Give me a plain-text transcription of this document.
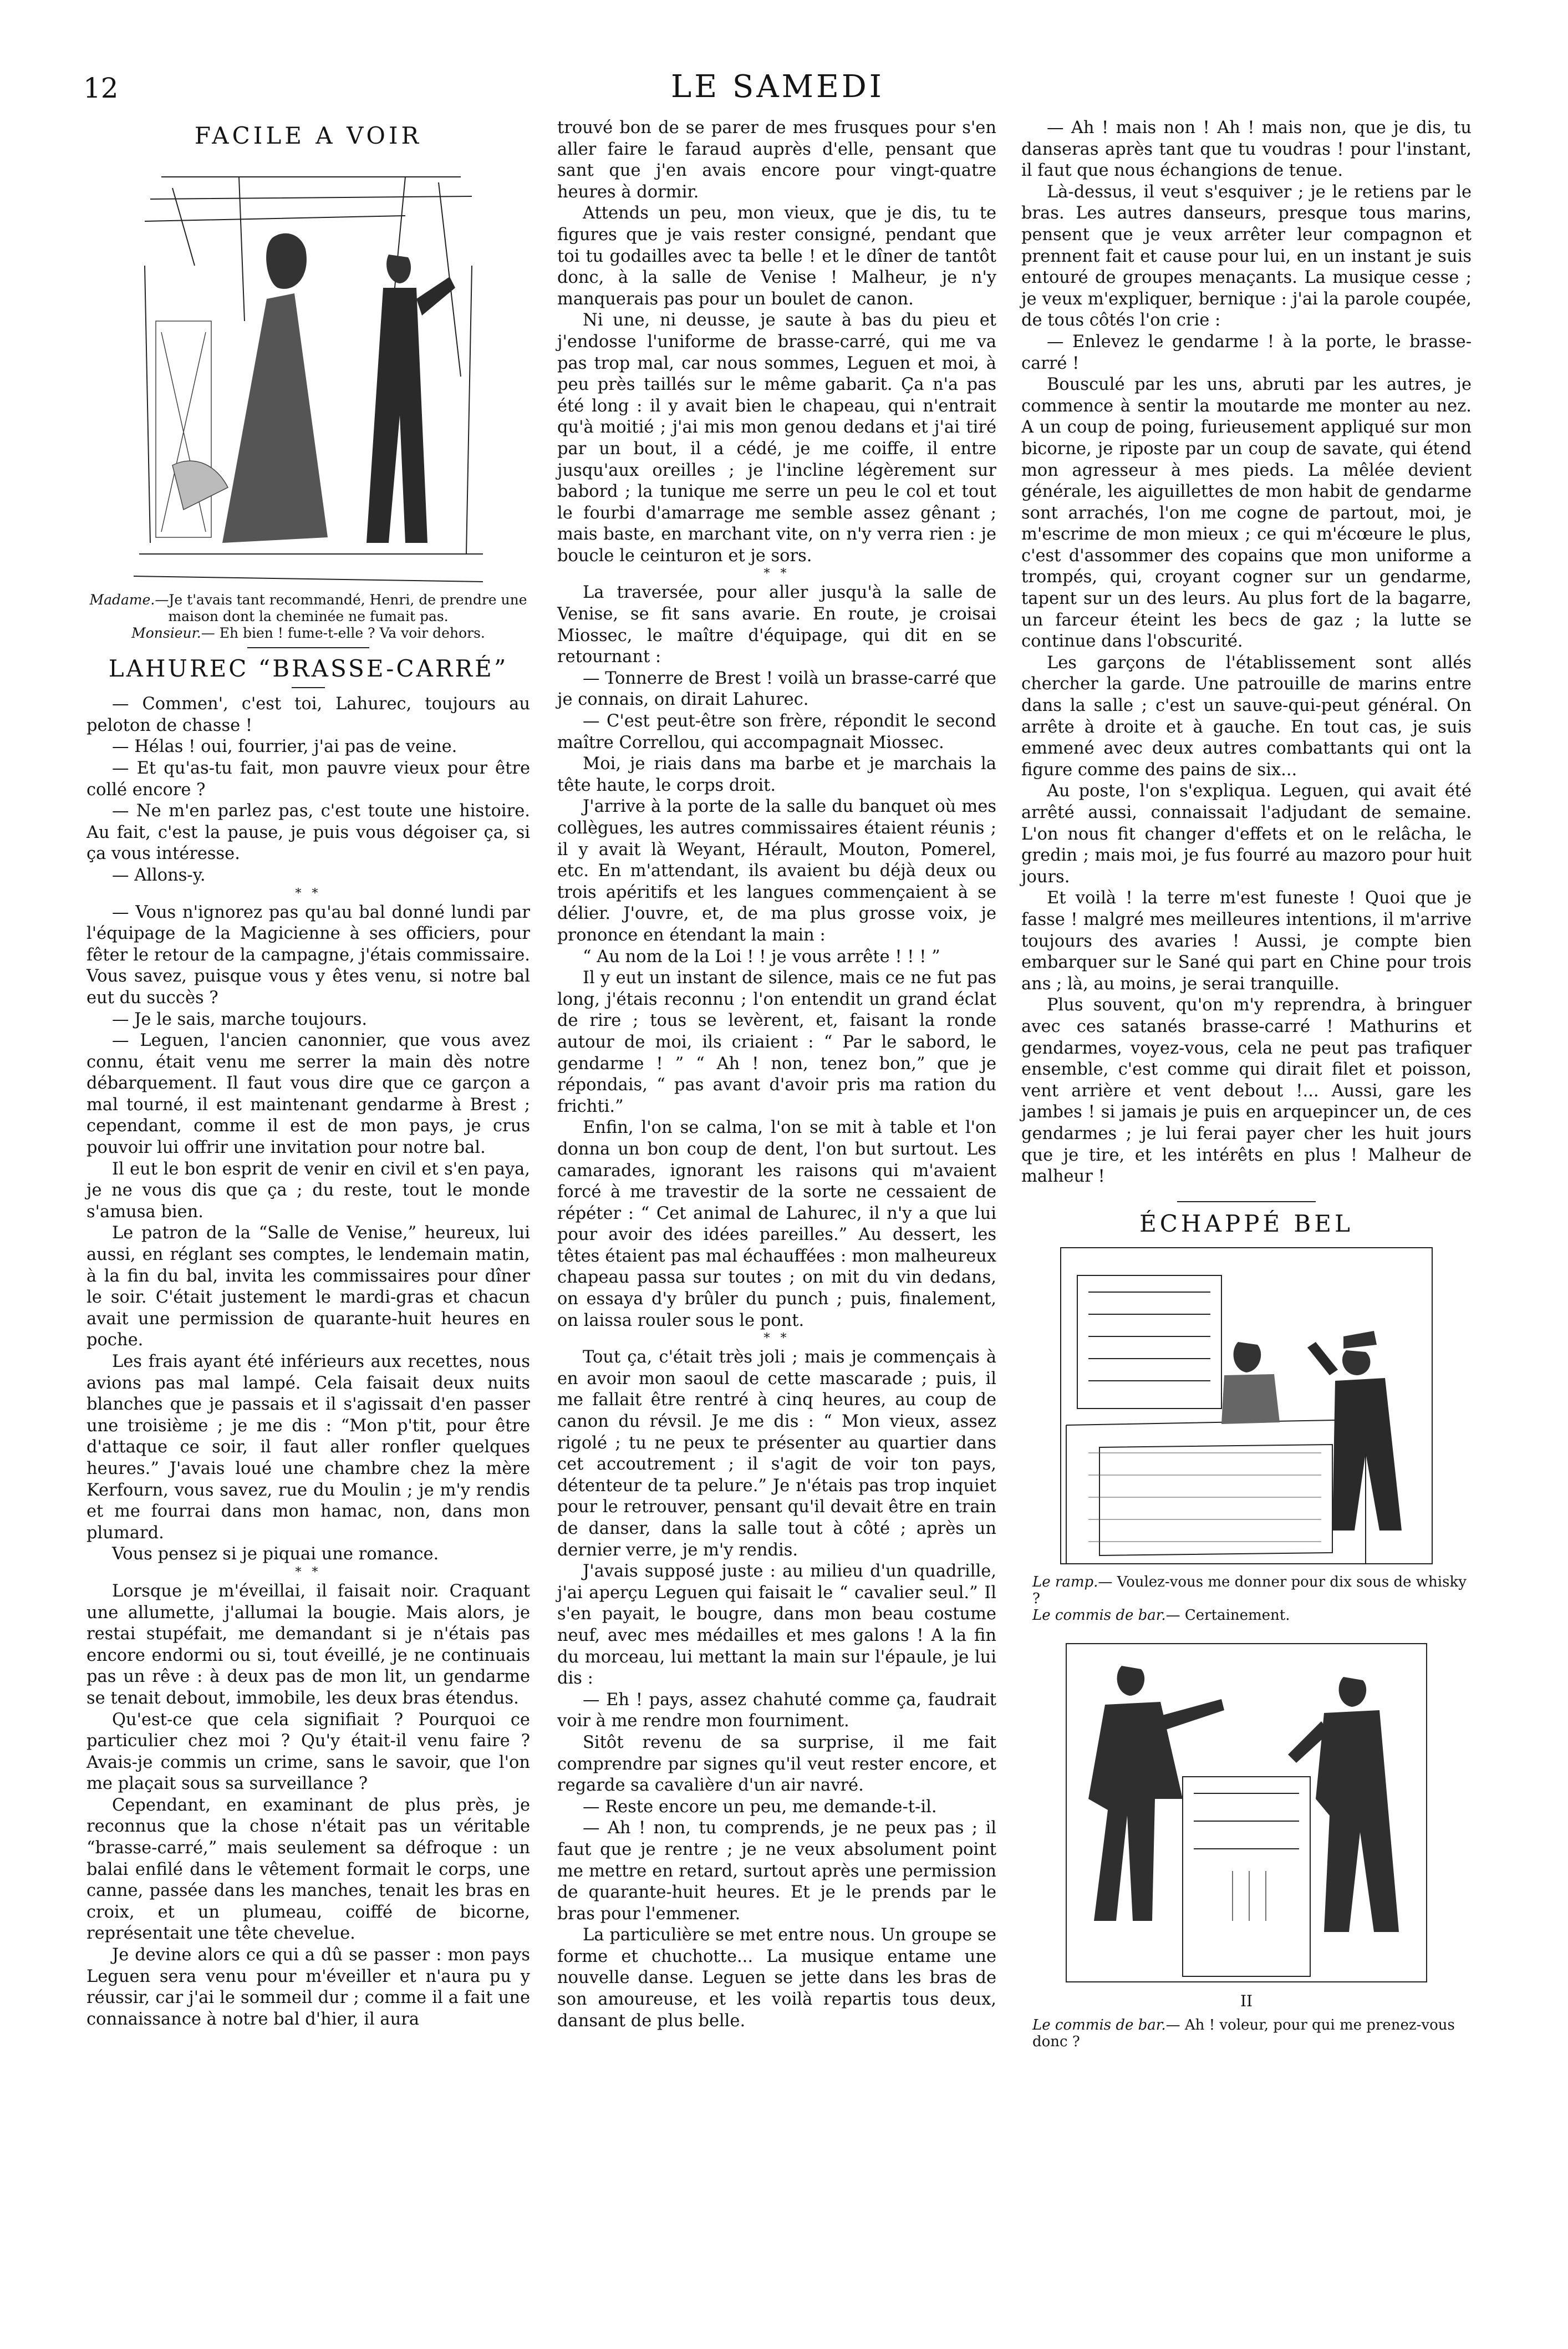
12	LE SAMEDI
FACILE A VOIR
Madame.—Je t'avais tant recommandé, Henri, de prendre une maison dont la cheminée ne fumait pas.
Monsieur.— Eh bien ! fume-t-elle ? Va voir dehors.
LAHUREC “BRASSE-CARRÉ”

— Commen', c'est toi, Lahurec, toujours au peloton de chasse !

— Hélas ! oui, fourrier, j'ai pas de veine.

— Et qu'as-tu fait, mon pauvre vieux pour être collé encore ?

— Ne m'en parlez pas, c'est toute une histoire. Au fait, c'est la pause, je puis vous dégoiser ça, si ça vous intéresse.

— Allons-y.

* *

— Vous n'ignorez pas qu'au bal donné lundi par l'équipage de la Magicienne à ses officiers, pour fêter le retour de la campagne, j'étais commissaire. Vous savez, puisque vous y êtes venu, si notre bal eut du succès ?

— Je le sais, marche toujours.

— Leguen, l'ancien canonnier, que vous avez connu, était venu me serrer la main dès notre débarquement. Il faut vous dire que ce garçon a mal tourné, il est maintenant gendarme à Brest ; cependant, comme il est de mon pays, je crus pouvoir lui offrir une invitation pour notre bal.

Il eut le bon esprit de venir en civil et s'en paya, je ne vous dis que ça ; du reste, tout le monde s'amusa bien.

Le patron de la “Salle de Venise,” heureux, lui aussi, en réglant ses comptes, le lendemain matin, à la fin du bal, invita les commissaires pour dîner le soir. C'était justement le mardi-gras et chacun avait une permission de quarante-huit heures en poche.

Les frais ayant été inférieurs aux recettes, nous avions pas mal lampé. Cela faisait deux nuits blanches que je passais et il s'agissait d'en passer une troisième ; je me dis : “Mon p'tit, pour être d'attaque ce soir, il faut aller ronfler quelques heures.” J'avais loué une chambre chez la mère Kerfourn, vous savez, rue du Moulin ; je m'y rendis et me fourrai dans mon hamac, non, dans mon plumard.

Vous pensez si je piquai une romance.

* *

Lorsque je m'éveillai, il faisait noir. Craquant une allumette, j'allumai la bougie. Mais alors, je restai stupéfait, me demandant si je n'étais pas encore endormi ou si, tout éveillé, je ne continuais pas un rêve : à deux pas de mon lit, un gendarme se tenait debout, immobile, les deux bras étendus.

Qu'est-ce que cela signifiait ? Pourquoi ce particulier chez moi ? Qu'y était-il venu faire ? Avais-je commis un crime, sans le savoir, que l'on me plaçait sous sa surveillance ?

Cependant, en examinant de plus près, je reconnus que la chose n'était pas un véritable “brasse-carré,” mais seulement sa défroque : un balai enfilé dans le vêtement formait le corps, une canne, passée dans les manches, tenait les bras en croix, et un plumeau, coiffé de bicorne, représentait une tête chevelue.

Je devine alors ce qui a dû se passer : mon pays Leguen sera venu pour m'éveiller et n'aura pu y réussir, car j'ai le sommeil dur ; comme il a fait une connaissance à notre bal d'hier, il aura

trouvé bon de se parer de mes frusques pour s'en aller faire le faraud auprès d'elle, pensant que sant que j'en avais encore pour vingt-quatre heures à dormir.

Attends un peu, mon vieux, que je dis, tu te figures que je vais rester consigné, pendant que toi tu godailles avec ta belle ! et le dîner de tantôt donc, à la salle de Venise ! Malheur, je n'y manquerais pas pour un boulet de canon.

Ni une, ni deusse, je saute à bas du pieu et j'endosse l'uniforme de brasse-carré, qui me va pas trop mal, car nous sommes, Leguen et moi, à peu près taillés sur le même gabarit. Ça n'a pas été long : il y avait bien le chapeau, qui n'entrait qu'à moitié ; j'ai mis mon genou dedans et j'ai tiré par un bout, il a cédé, je me coiffe, il entre jusqu'aux oreilles ; je l'incline légèrement sur babord ; la tunique me serre un peu le col et tout le fourbi d'amarrage me semble assez gênant ; mais baste, en marchant vite, on n'y verra rien : je boucle le ceinturon et je sors.

* *

La traversée, pour aller jusqu'à la salle de Venise, se fit sans avarie. En route, je croisai Miossec, le maître d'équipage, qui dit en se retournant :

— Tonnerre de Brest ! voilà un brasse-carré que je connais, on dirait Lahurec.

— C'est peut-être son frère, répondit le second maître Correllou, qui accompagnait Miossec.

Moi, je riais dans ma barbe et je marchais la tête haute, le corps droit.

J'arrive à la porte de la salle du banquet où mes collègues, les autres commissaires étaient réunis ; il y avait là Weyant, Hérault, Mouton, Pomerel, etc. En m'attendant, ils avaient bu déjà deux ou trois apéritifs et les langues commençaient à se délier. J'ouvre, et, de ma plus grosse voix, je prononce en étendant la main :

“ Au nom de la Loi ! ! je vous arrête ! ! ! ”

Il y eut un instant de silence, mais ce ne fut pas long, j'étais reconnu ; l'on entendit un grand éclat de rire ; tous se levèrent, et, faisant la ronde autour de moi, ils criaient : “ Par le sabord, le gendarme ! ” “ Ah ! non, tenez bon,” que je répondais, “ pas avant d'avoir pris ma ration du frichti.”

Enfin, l'on se calma, l'on se mit à table et l'on donna un bon coup de dent, l'on but surtout. Les camarades, ignorant les raisons qui m'avaient forcé à me travestir de la sorte ne cessaient de répéter : “ Cet animal de Lahurec, il n'y a que lui pour avoir des idées pareilles.” Au dessert, les têtes étaient pas mal échauffées : mon malheureux chapeau passa sur toutes ; on mit du vin dedans, on essaya d'y brûler du punch ; puis, finalement, on laissa rouler sous le pont.

* *

Tout ça, c'était très joli ; mais je commençais à en avoir mon saoul de cette mascarade ; puis, il me fallait être rentré à cinq heures, au coup de canon du révsil. Je me dis : “ Mon vieux, assez rigolé ; tu ne peux te présenter au quartier dans cet accoutrement ; il s'agit de voir ton pays, détenteur de ta pelure.” Je n'étais pas trop inquiet pour le retrouver, pensant qu'il devait être en train de danser, dans la salle tout à côté ; après un dernier verre, je m'y rendis.

J'avais supposé juste : au milieu d'un quadrille, j'ai aperçu Leguen qui faisait le “ cavalier seul.” Il s'en payait, le bougre, dans mon beau costume neuf, avec mes médailles et mes galons ! A la fin du morceau, lui mettant la main sur l'épaule, je lui dis :

— Eh ! pays, assez chahuté comme ça, faudrait voir à me rendre mon fourniment.

Sitôt revenu de sa surprise, il me fait comprendre par signes qu'il veut rester encore, et regarde sa cavalière d'un air navré.

— Reste encore un peu, me demande-t-il.

— Ah ! non, tu comprends, je ne peux pas ; il faut que je rentre ; je ne veux absolument point me mettre en retard, surtout après une permission de quarante-huit heures. Et je le prends par le bras pour l'emmener.

La particulière se met entre nous. Un groupe se forme et chuchotte... La musique entame une nouvelle danse. Leguen se jette dans les bras de son amoureuse, et les voilà repartis tous deux, dansant de plus belle.

— Ah ! mais non ! Ah ! mais non, que je dis, tu danseras après tant que tu voudras ! pour l'instant, il faut que nous échangions de tenue.

Là-dessus, il veut s'esquiver ; je le retiens par le bras. Les autres danseurs, presque tous marins, pensent que je veux arrêter leur compagnon et prennent fait et cause pour lui, en un instant je suis entouré de groupes menaçants. La musique cesse ; je veux m'expliquer, bernique : j'ai la parole coupée, de tous côtés l'on crie :

— Enlevez le gendarme ! à la porte, le brasse-carré !

Bousculé par les uns, abruti par les autres, je commence à sentir la moutarde me monter au nez. A un coup de poing, furieusement appliqué sur mon bicorne, je riposte par un coup de savate, qui étend mon agresseur à mes pieds. La mêlée devient générale, les aiguillettes de mon habit de gendarme sont arrachés, l'on me cogne de partout, moi, je m'escrime de mon mieux ; ce qui m'écœure le plus, c'est d'assommer des copains que mon uniforme a trompés, qui, croyant cogner sur un gendarme, tapent sur un des leurs. Au plus fort de la bagarre, un farceur éteint les becs de gaz ; la lutte se continue dans l'obscurité.

Les garçons de l'établissement sont allés chercher la garde. Une patrouille de marins entre dans la salle ; c'est un sauve-qui-peut général. On arrête à droite et à gauche. En tout cas, je suis emmené avec deux autres combattants qui ont la figure comme des pains de six...

Au poste, l'on s'expliqua. Leguen, qui avait été arrêté aussi, connaissait l'adjudant de semaine. L'on nous fit changer d'effets et on le relâcha, le gredin ; mais moi, je fus fourré au mazoro pour huit jours.

Et voilà ! la terre m'est funeste ! Quoi que je fasse ! malgré mes meilleures intentions, il m'arrive toujours des avaries ! Aussi, je compte bien embarquer sur le Sané qui part en Chine pour trois ans ; là, au moins, je serai tranquille.

Plus souvent, qu'on m'y reprendra, à bringuer avec ces satanés brasse-carré ! Mathurins et gendarmes, voyez-vous, cela ne peut pas trafiquer ensemble, c'est comme qui dirait filet et poisson, vent arrière et vent debout !... Aussi, gare les jambes ! si jamais je puis en arquepincer un, de ces gendarmes ; je lui ferai payer cher les huit jours que je tire, et les intérêts en plus ! Malheur de malheur !

ÉCHAPPÉ BEL
Le ramp.— Voulez-vous me donner pour dix sous de whisky ?
Le commis de bar.— Certainement.
II
Le commis de bar.— Ah ! voleur, pour qui me prenez-vous donc ?
